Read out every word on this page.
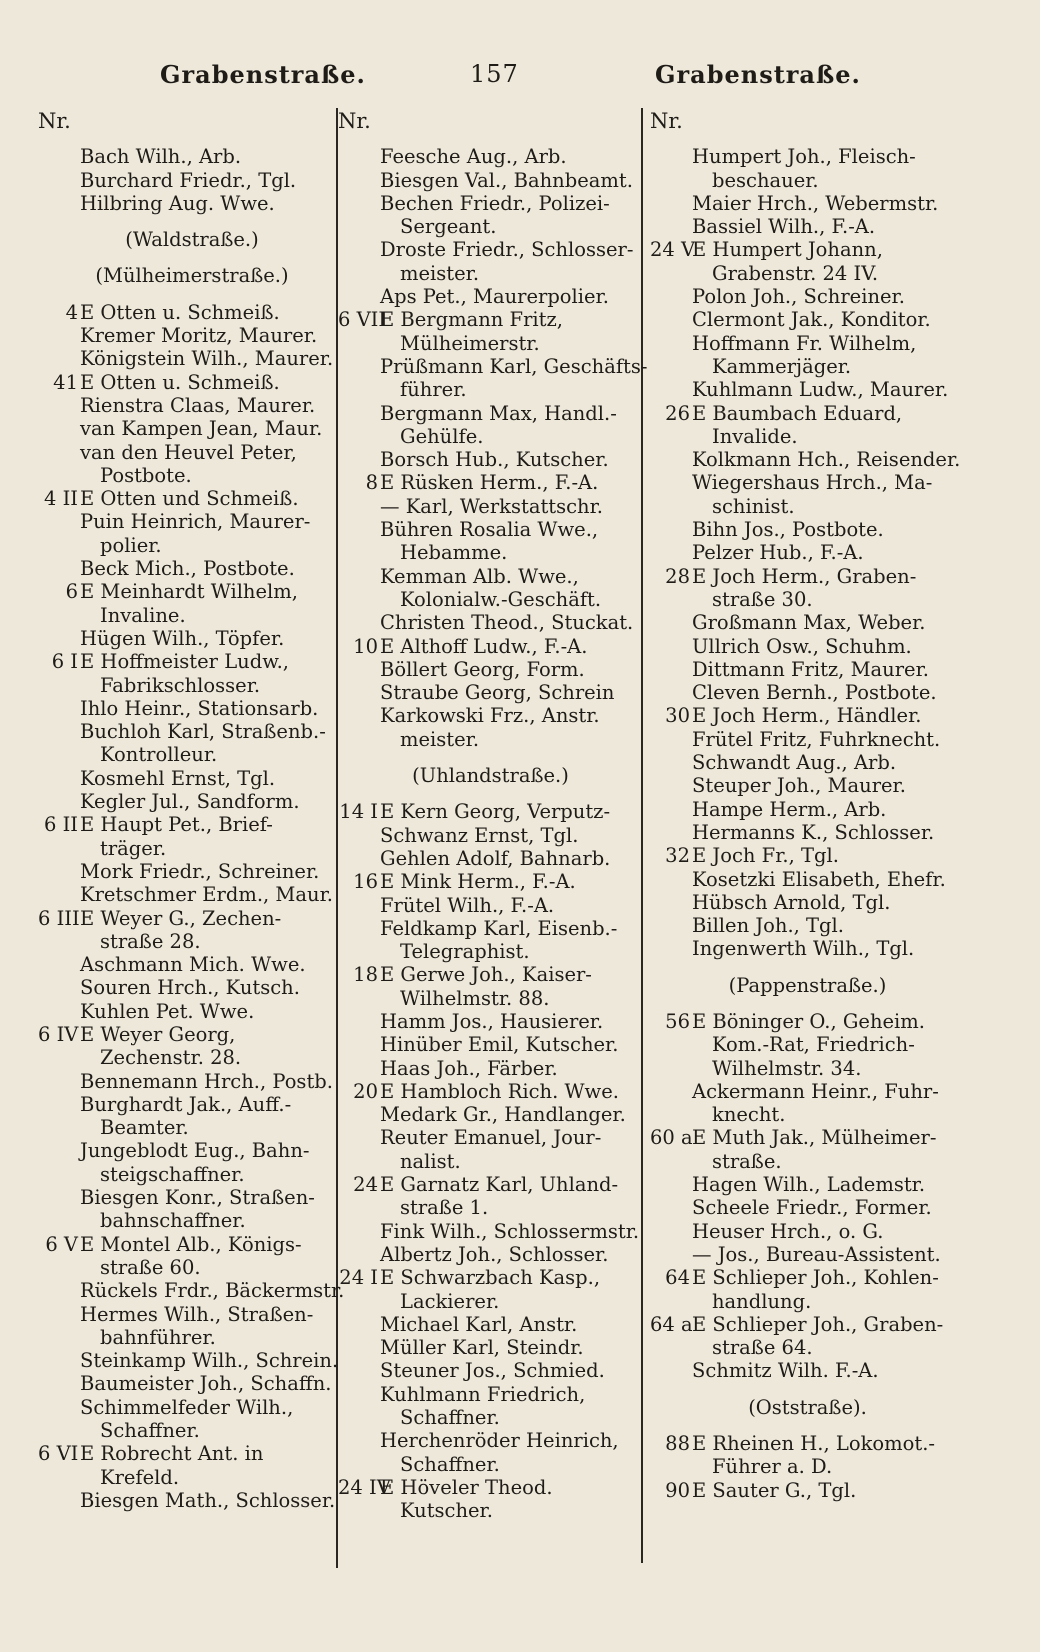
Grabenstraße.	157	Grabenstraße.
Nr.
Bach Wilh., Arb.
Burchard Friedr., Tgl.
Hilbring Aug. Wwe.
(Waldstraße.)
(Mülheimerstraße.)
4 E Otten u. Schmeiß.
Kremer Moritz, Maurer.
Königstein Wilh., Maurer.
41 E Otten u. Schmeiß.
Rienstra Claas, Maurer.
van Kampen Jean, Maur.
van den Heuvel Peter,
Postbote.
4 II E Otten und Schmeiß.
Puin Heinrich, Maurer-
polier.
Beck Mich., Postbote.
6 E Meinhardt Wilhelm,
Invaline.
Hügen Wilh., Töpfer.
6 I E Hoffmeister Ludw.,
Fabrikschlosser.
Ihlo Heinr., Stationsarb.
Buchloh Karl, Straßenb.-
Kontrolleur.
Kosmehl Ernst, Tgl.
Kegler Jul., Sandform.
6 II E Haupt Pet., Brief-
träger.
Mork Friedr., Schreiner.
Kretschmer Erdm., Maur.
6 IIIE Weyer G., Zechen-
straße 28.
Aschmann Mich. Wwe.
Souren Hrch., Kutsch.
Kuhlen Pet. Wwe.
6 IVE Weyer Georg,
Zechenstr. 28.
Bennemann Hrch., Postb.
Burghardt Jak., Auff.-
Beamter.
Jungeblodt Eug., Bahn-
steigschaffner.
Biesgen Konr., Straßen-
bahnschaffner.
6 V E Montel Alb., Königs-
straße 60.
Rückels Frdr., Bäckermstr.
Hermes Wilh., Straßen-
bahnführer.
Steinkamp Wilh., Schrein.
Baumeister Joh., Schaffn.
Schimmelfeder Wilh.,
Schaffner.
6 VIE Robrecht Ant. in
Krefeld.
Biesgen Math., Schlosser.
Nr.
Feesche Aug., Arb.
Biesgen Val., Bahnbeamt.
Bechen Friedr., Polizei-
Sergeant.
Droste Friedr., Schlosser-
meister.
Aps Pet., Maurerpolier.
6 VIIE Bergmann Fritz,
Mülheimerstr.
Prüßmann Karl, Geschäfts-
führer.
Bergmann Max, Handl.-
Gehülfe.
Borsch Hub., Kutscher.
8 E Rüsken Herm., F.-A.
— Karl, Werkstattschr.
Bühren Rosalia Wwe.,
Hebamme.
Kemman Alb. Wwe.,
Kolonialw.-Geschäft.
Christen Theod., Stuckat.
10 E Althoff Ludw., F.-A.
Böllert Georg, Form.
Straube Georg, Schrein
Karkowski Frz., Anstr.
meister.
(Uhlandstraße.)
14 I E Kern Georg, Verputz-
Schwanz Ernst, Tgl.
Gehlen Adolf, Bahnarb.
16 E Mink Herm., F.-A.
Frütel Wilh., F.-A.
Feldkamp Karl, Eisenb.-
Telegraphist.
18 E Gerwe Joh., Kaiser-
Wilhelmstr. 88.
Hamm Jos., Hausierer.
Hinüber Emil, Kutscher.
Haas Joh., Färber.
20 E Hambloch Rich. Wwe.
Medark Gr., Handlanger.
Reuter Emanuel, Jour-
nalist.
24 E Garnatz Karl, Uhland-
straße 1.
Fink Wilh., Schlossermstr.
Albertz Joh., Schlosser.
24 I E Schwarzbach Kasp.,
Lackierer.
Michael Karl, Anstr.
Müller Karl, Steindr.
Steuner Jos., Schmied.
Kuhlmann Friedrich,
Schaffner.
Herchenröder Heinrich,
Schaffner.
24 IVE Höveler Theod.
Kutscher.
Nr.
Humpert Joh., Fleisch-
beschauer.
Maier Hrch., Webermstr.
Bassiel Wilh., F.-A.
24 VE Humpert Johann,
Grabenstr. 24 IV.
Polon Joh., Schreiner.
Clermont Jak., Konditor.
Hoffmann Fr. Wilhelm,
Kammerjäger.
Kuhlmann Ludw., Maurer.
26 E Baumbach Eduard,
Invalide.
Kolkmann Hch., Reisender.
Wiegershaus Hrch., Ma-
schinist.
Bihn Jos., Postbote.
Pelzer Hub., F.-A.
28 E Joch Herm., Graben-
straße 30.
Großmann Max, Weber.
Ullrich Osw., Schuhm.
Dittmann Fritz, Maurer.
Cleven Bernh., Postbote.
30 E Joch Herm., Händler.
Frütel Fritz, Fuhrknecht.
Schwandt Aug., Arb.
Steuper Joh., Maurer.
Hampe Herm., Arb.
Hermanns K., Schlosser.
32 E Joch Fr., Tgl.
Kosetzki Elisabeth, Ehefr.
Hübsch Arnold, Tgl.
Billen Joh., Tgl.
Ingenwerth Wilh., Tgl.
(Pappenstraße.)
56 E Böninger O., Geheim.
Kom.-Rat, Friedrich-
Wilhelmstr. 34.
Ackermann Heinr., Fuhr-
knecht.
60 aE Muth Jak., Mülheimer-
straße.
Hagen Wilh., Lademstr.
Scheele Friedr., Former.
Heuser Hrch., o. G.
— Jos., Bureau-Assistent.
64 E Schlieper Joh., Kohlen-
handlung.
64 aE Schlieper Joh., Graben-
straße 64.
Schmitz Wilh. F.-A.
(Oststraße).
88 E Rheinen H., Lokomot.-
Führer a. D.
90 E Sauter G., Tgl.
